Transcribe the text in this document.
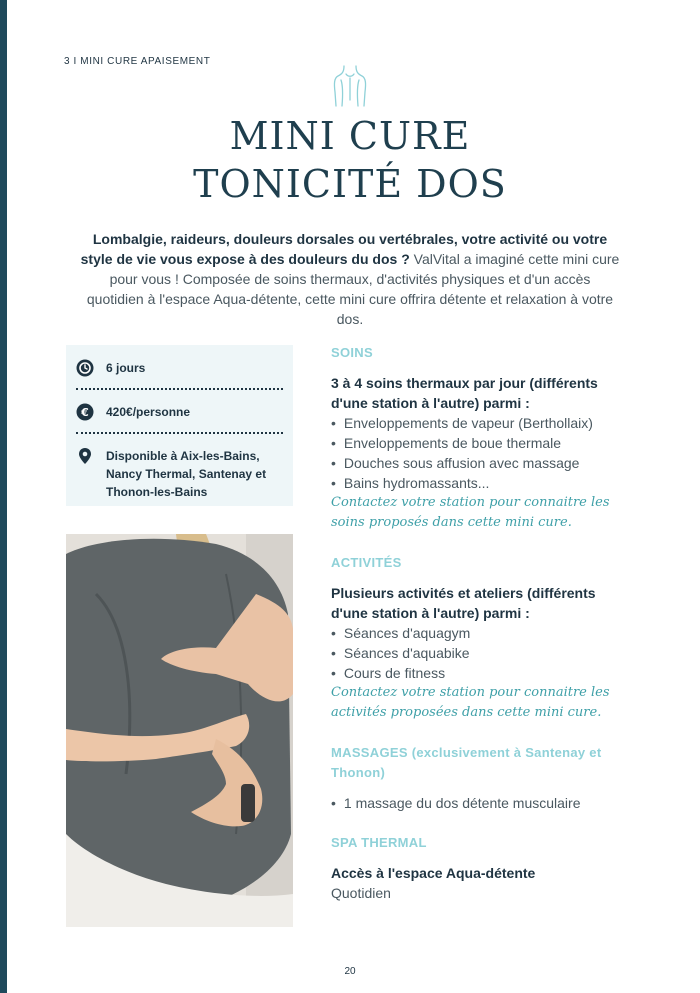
3 I MINI CURE APAISEMENT
MINI CURE
TONICITÉ DOS

Lombalgie, raideurs, douleurs dorsales ou vertébrales, votre activité ou votre style de vie vous expose à des douleurs du dos ? ValVital a imaginé cette mini cure pour vous ! Composée de soins thermaux, d'activités physiques et d'un accès quotidien à l'espace Aqua-détente, cette mini cure offrira détente et relaxation à votre dos.

6 jours
€ 420€/personne
Disponible à Aix-les-Bains, Nancy Thermal, Santenay et Thonon-les-Bains
SOINS
3 à 4 soins thermaux par jour (différents d'une station à l'autre) parmi :
• Enveloppements de vapeur (Berthollaix)
• Enveloppements de boue thermale
• Douches sous affusion avec massage
• Bains hydromassants...
Contactez votre station pour connaitre les soins proposés dans cette mini cure.
ACTIVITÉS
Plusieurs activités et ateliers (différents d'une station à l'autre) parmi :
• Séances d'aquagym
• Séances d'aquabike
• Cours de fitness
Contactez votre station pour connaitre les activités proposées dans cette mini cure.
MASSAGES (exclusivement à Santenay et Thonon)
• 1 massage du dos détente musculaire
SPA THERMAL
Accès à l'espace Aqua-détente
Quotidien
20
